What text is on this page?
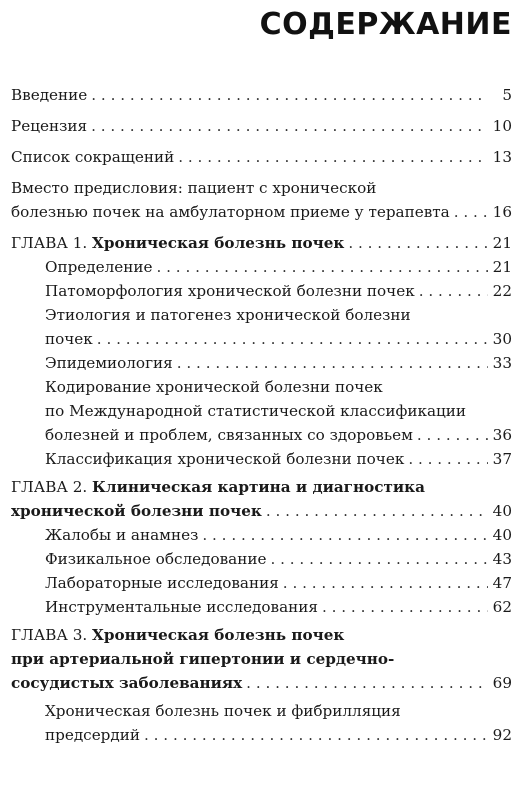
СОДЕРЖАНИЕ
Введение . . .	5
Рецензия . . .	10
Список сокращений . . .	13
Вместо предисловия: пациент с хронической
болезнью почек на амбулаторном приеме у терапевта . . .	16
ГЛАВА 1. Хроническая болезнь почек . . .	21
Определение . . .	21
Патоморфология хронической болезни почек . . .	22
Этиология и патогенез хронической болезни
почек . . .	30
Эпидемиология . . .	33
Кодирование хронической болезни почек
по Международной статистической классификации
болезней и проблем, связанных со здоровьем . . .	36
Классификация хронической болезни почек . . .	37
ГЛАВА 2. Клиническая картина и диагностика
хронической болезни почек . . .	40
Жалобы и анамнез . . .	40
Физикальное обследование . . .	43
Лабораторные исследования . . .	47
Инструментальные исследования . . .	62
ГЛАВА 3. Хроническая болезнь почек
при артериальной гипертонии и сердечно-
сосудистых заболеваниях . . .	69
Хроническая болезнь почек и фибрилляция
предсердий . . .	92
